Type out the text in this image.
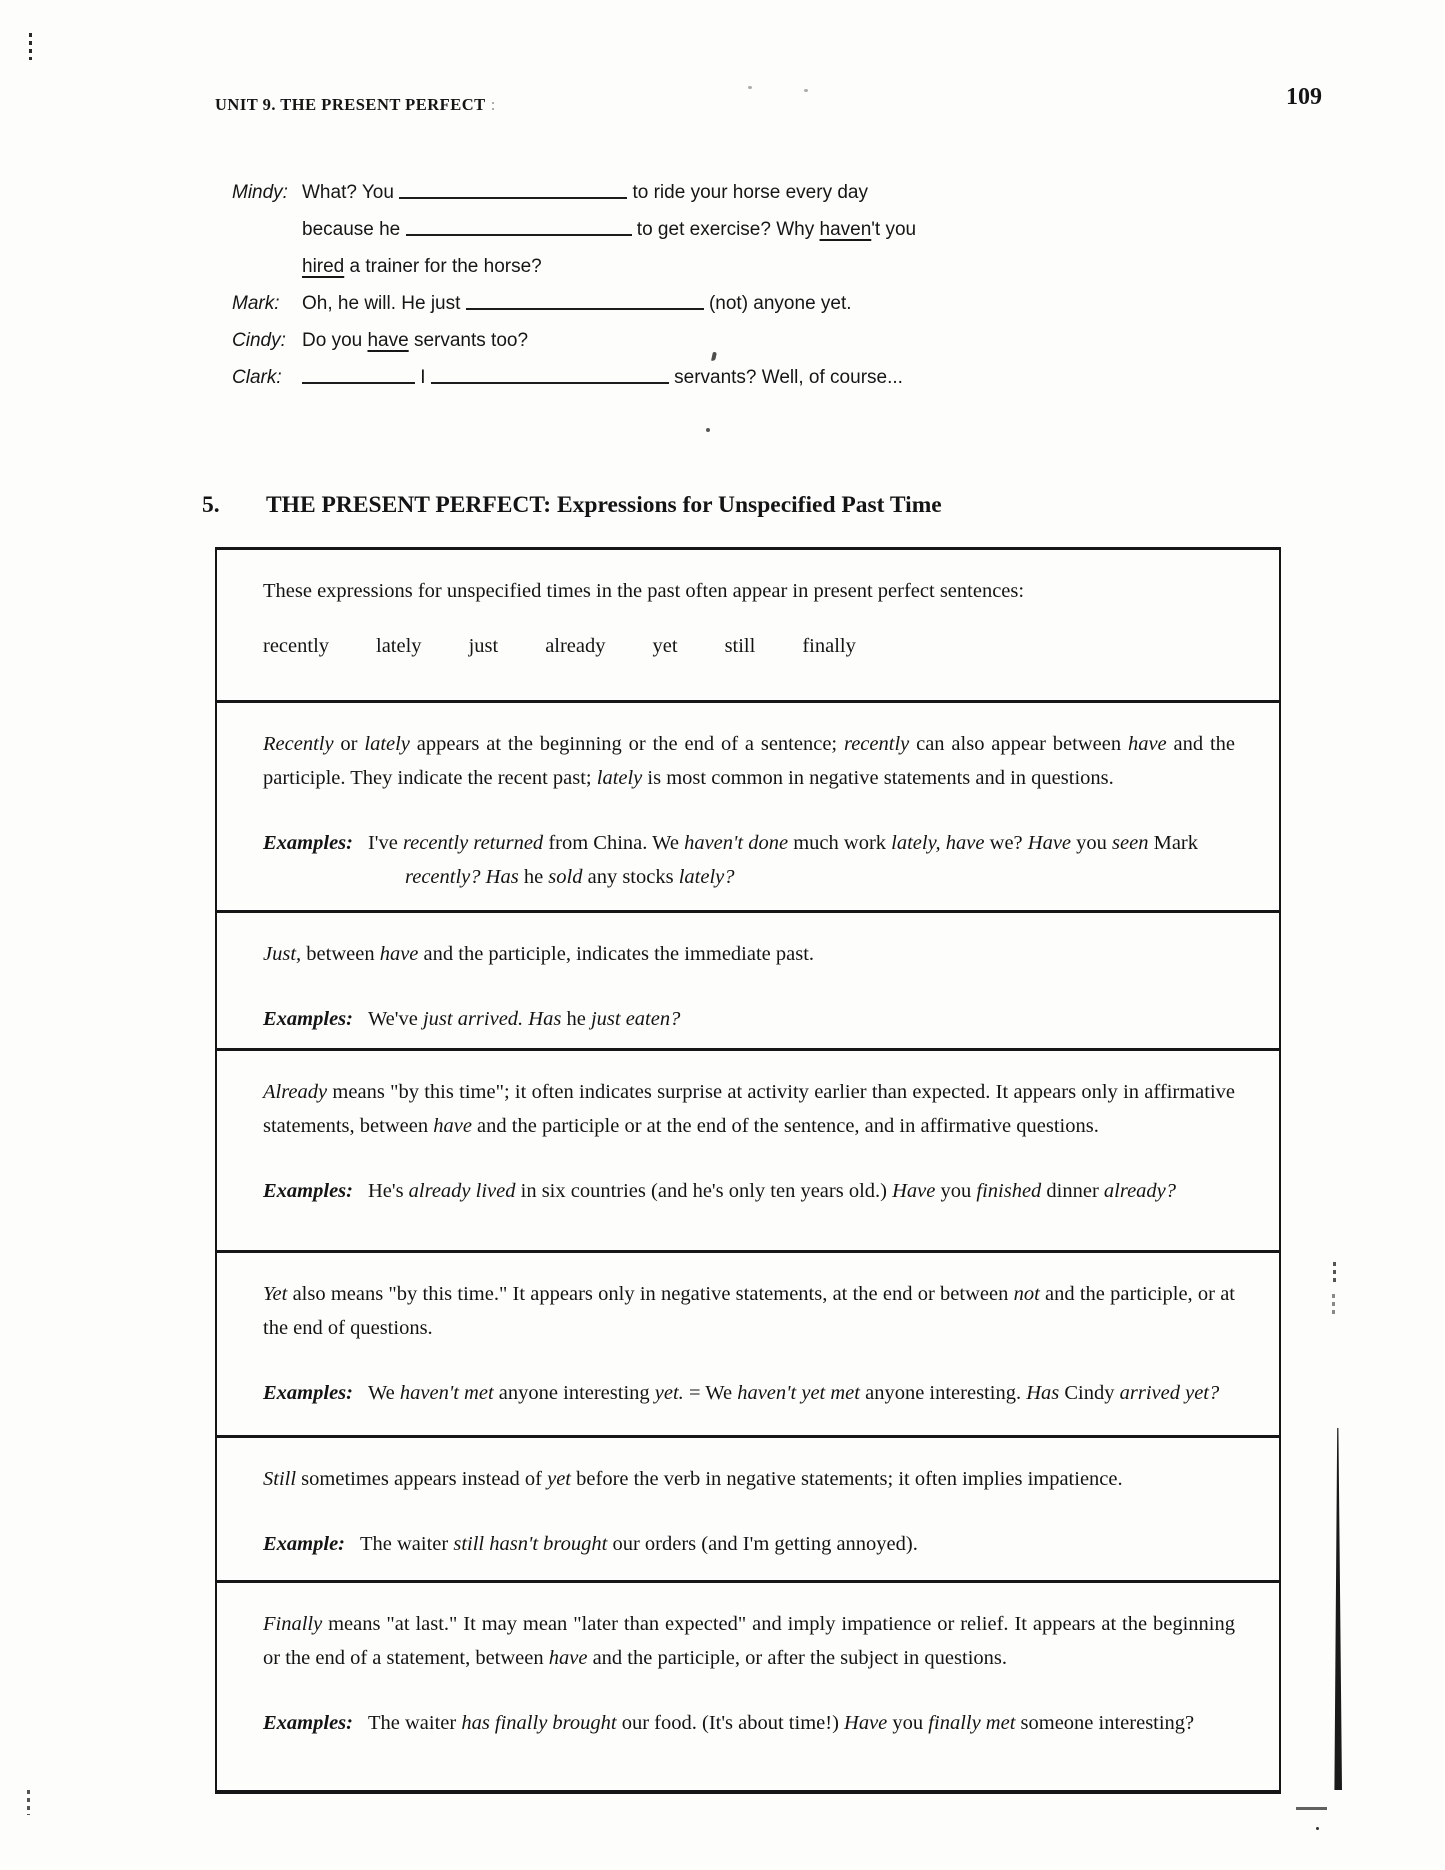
UNIT 9. THE PRESENT PERFECT :	109
Mindy: What? You	to ride your horse every day
because he	to get exercise? Why haven't you
hired a trainer for the horse?
Mark:	Oh, he will. He just	(not) anyone yet.
Cindy: Do you have servants too?
Clark:	I	servants? Well, of course...
5.	THE PRESENT PERFECT: Expressions for Unspecified Past Time

These expressions for unspecified times in the past often appear in present perfect sentences:

recently lately just already yet still finally

Recently or lately appears at the beginning or the end of a sentence; recently can also appear between have and the participle. They indicate the recent past; lately is most common in negative statements and in questions.

Examples: I've recently returned from China. We haven't done much work lately, have we? Have you seen Mark recently? Has he sold any stocks lately?

Just, between have and the participle, indicates the immediate past.

Examples: We've just arrived. Has he just eaten?

Already means "by this time"; it often indicates surprise at activity earlier than expected. It appears only in affirmative statements, between have and the participle or at the end of the sentence, and in affirmative questions.

Examples: He's already lived in six countries (and he's only ten years old.) Have you finished dinner already?

Yet also means "by this time." It appears only in negative statements, at the end or between not and the participle, or at the end of questions.

Examples: We haven't met anyone interesting yet. = We haven't yet met anyone interesting. Has Cindy arrived yet?

Still sometimes appears instead of yet before the verb in negative statements; it often implies impatience.

Example: The waiter still hasn't brought our orders (and I'm getting annoyed).

Finally means "at last." It may mean "later than expected" and imply impatience or relief. It appears at the beginning or the end of a statement, between have and the participle, or after the subject in questions.

Examples: The waiter has finally brought our food. (It's about time!) Have you finally met someone interesting?
